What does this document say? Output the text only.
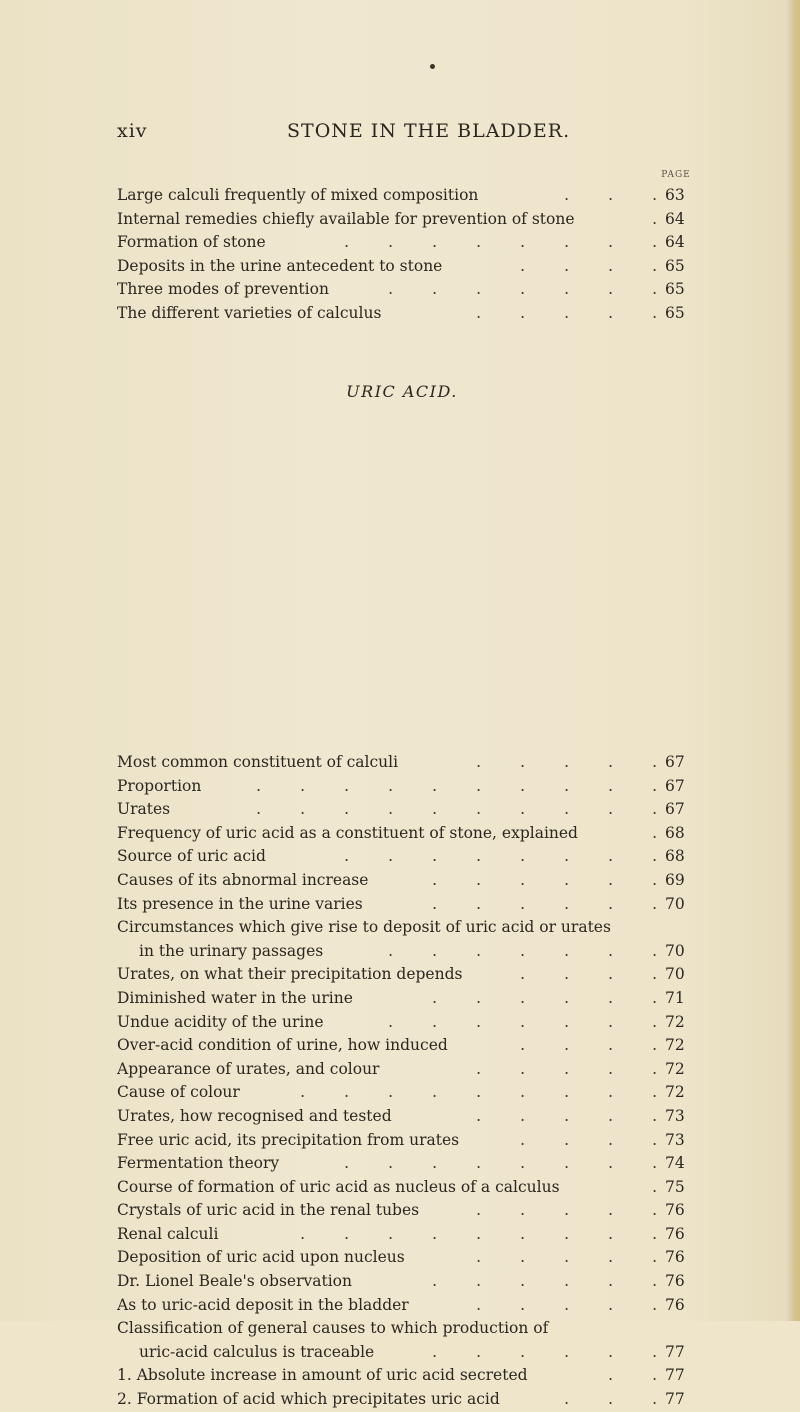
xiv	STONE IN THE BLADDER.
PAGE
Large calculi frequently of mixed composition	63
.
.
.
Internal remedies chiefly available for prevention of stone	64
.
Formation of stone	64
.
.
.
.
.
.
.
.
Deposits in the urine antecedent to stone	65
.
.
.
.
Three modes of prevention	65
.
.
.
.
.
.
.
The different varieties of calculus	65
.
.
.
.
.
URIC ACID.
Most common constituent of calculi	67
.
.
.
.
.
Proportion	67
.
.
.
.
.
.
.
.
.
.
Urates	67
.
.
.
.
.
.
.
.
.
.
Frequency of uric acid as a constituent of stone, explained	68
.
Source of uric acid	68
.
.
.
.
.
.
.
.
Causes of its abnormal increase	69
.
.
.
.
.
.
Its presence in the urine varies	70
.
.
.
.
.
.
Circumstances which give rise to deposit of uric acid or urates
in the urinary passages	70
.
.
.
.
.
.
.
Urates, on what their precipitation depends	70
.
.
.
.
Diminished water in the urine	71
.
.
.
.
.
.
Undue acidity of the urine	72
.
.
.
.
.
.
.
Over-acid condition of urine, how induced	72
.
.
.
.
Appearance of urates, and colour	72
.
.
.
.
.
Cause of colour	72
.
.
.
.
.
.
.
.
.
Urates, how recognised and tested	73
.
.
.
.
.
Free uric acid, its precipitation from urates	73
.
.
.
.
Fermentation theory	74
.
.
.
.
.
.
.
.
Course of formation of uric acid as nucleus of a calculus	75
.
Crystals of uric acid in the renal tubes	76
.
.
.
.
.
Renal calculi	76
.
.
.
.
.
.
.
.
.
Deposition of uric acid upon nucleus	76
.
.
.
.
.
Dr. Lionel Beale's observation	76
.
.
.
.
.
.
As to uric-acid deposit in the bladder	76
.
.
.
.
.
Classification of general causes to which production of
uric-acid calculus is traceable	77
.
.
.
.
.
.
1. Absolute increase in amount of uric acid secreted	77
.
.
2. Formation of acid which precipitates uric acid	77
.
.
.
